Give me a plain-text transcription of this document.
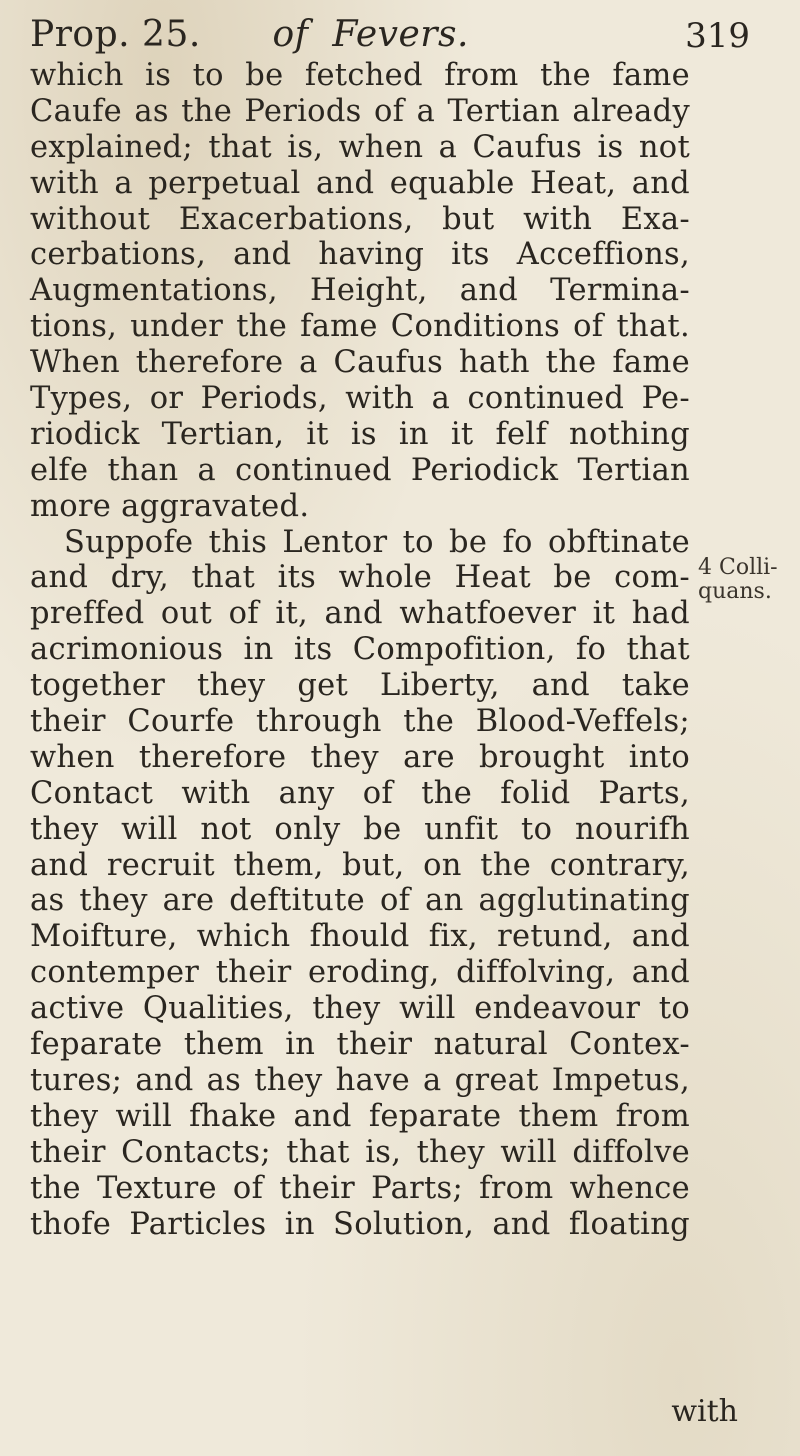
Prop. 25. of  Fevers.	319
which is to be fetched from the fame
Caufe as the Periods of a Tertian already
explained; that is, when a Caufus is not
with a perpetual and equable Heat, and
without Exacerbations, but with Exa-
cerbations, and having its Acceffions,
Augmentations, Height, and Termina-
tions, under the fame Conditions of that.
When therefore a Caufus hath the fame
Types, or Periods, with a continued Pe-
riodick Tertian, it is in it felf nothing
elfe than a continued Periodick Tertian
more aggravated.
Suppofe this Lentor to be fo obftinate
and dry, that its whole Heat be com-
preffed out of it, and whatfoever it had
acrimonious in its Compofition, fo that
together they get Liberty, and take
their Courfe through the Blood-Veffels;
when therefore they are brought into
Contact with any of the folid Parts,
they will not only be unfit to nourifh
and recruit them, but, on the contrary,
as they are deftitute of an agglutinating
Moifture, which fhould fix, retund, and
contemper their eroding, diffolving, and
active Qualities, they will endeavour to
feparate them in their natural Contex-
tures; and as they have a great Impetus,
they will fhake and feparate them from
their Contacts; that is, they will diffolve
the Texture of their Parts; from whence
thofe Particles in Solution, and floating
4 Colli-
quans.
with
